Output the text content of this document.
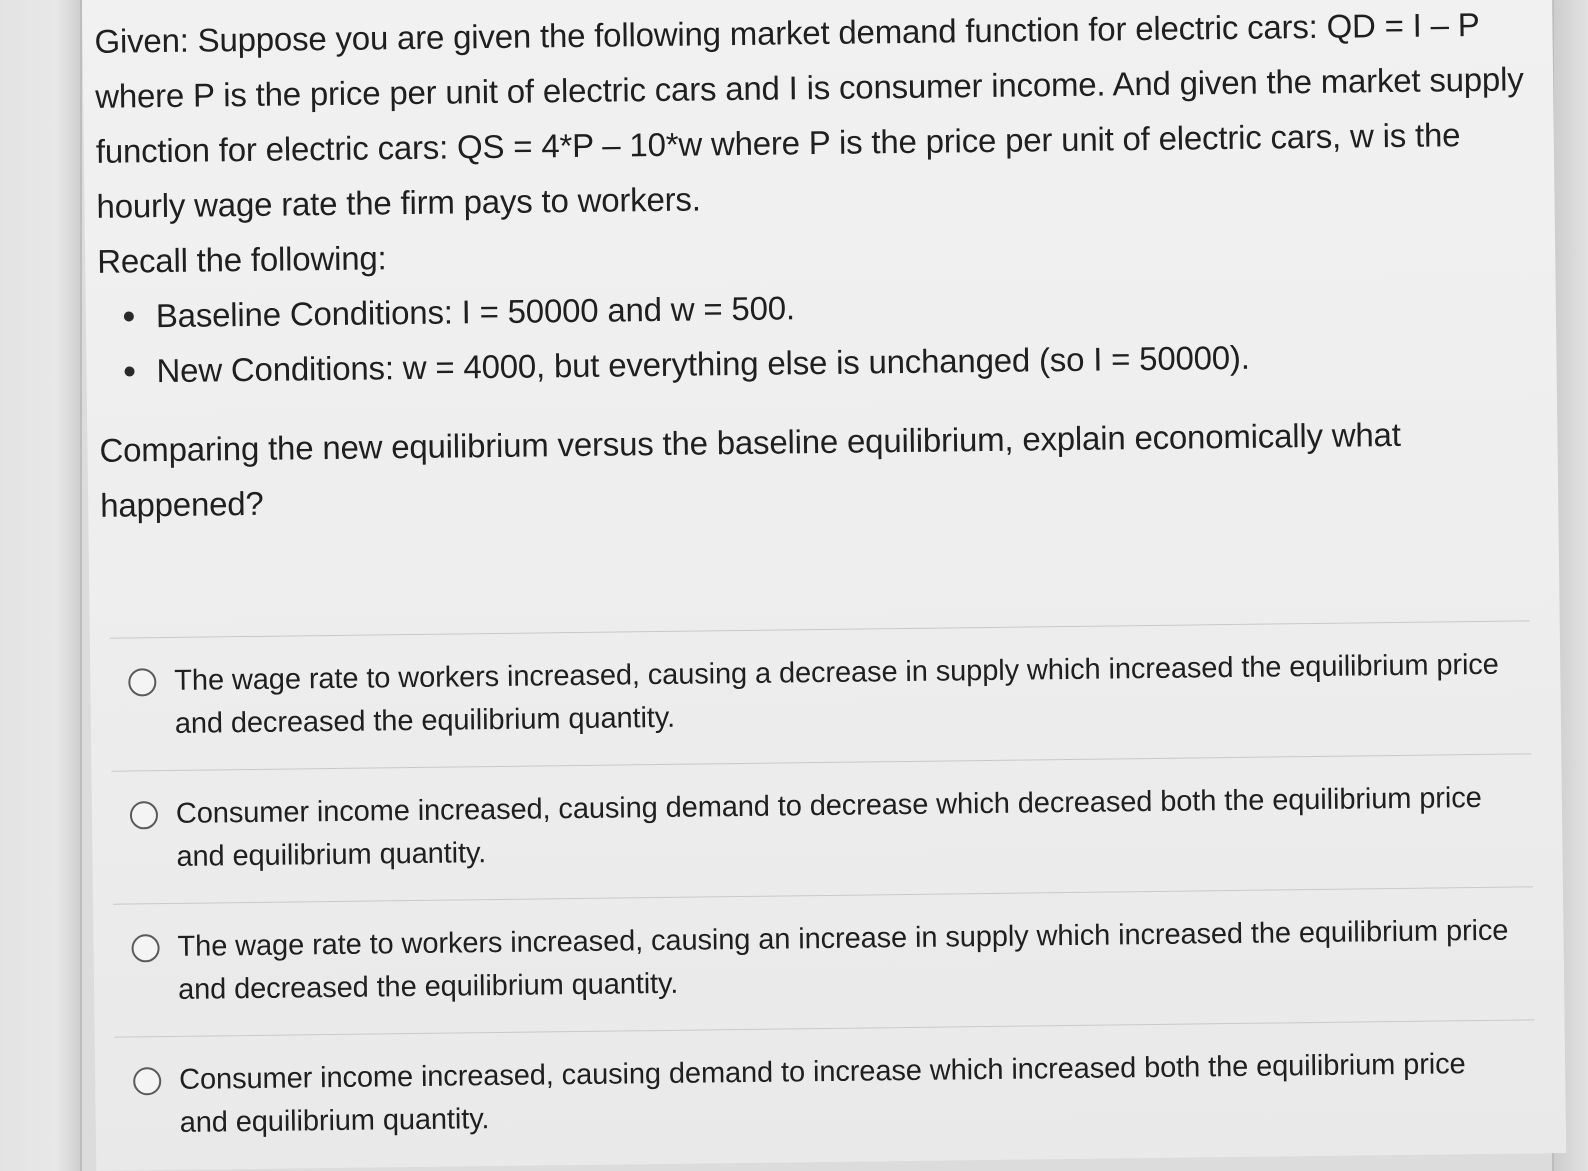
Given: Suppose you are given the following market demand function for electric cars: QD = I – P where P is the price per unit of electric cars and I is consumer income. And given the market supply function for electric cars: QS = 4*P – 10*w where P is the price per unit of electric cars, w is the hourly wage rate the firm pays to workers.

Recall the following:

Baseline Conditions: I = 50000 and w = 500.
New Conditions: w = 4000, but everything else is unchanged (so I = 50000).

Comparing the new equilibrium versus the baseline equilibrium, explain economically what happened?

The wage rate to workers increased, causing a decrease in supply which increased the equilibrium price and decreased the equilibrium quantity.
Consumer income increased, causing demand to decrease which decreased both the equilibrium price and equilibrium quantity.
The wage rate to workers increased, causing an increase in supply which increased the equilibrium price and decreased the equilibrium quantity.
Consumer income increased, causing demand to increase which increased both the equilibrium price and equilibrium quantity.
